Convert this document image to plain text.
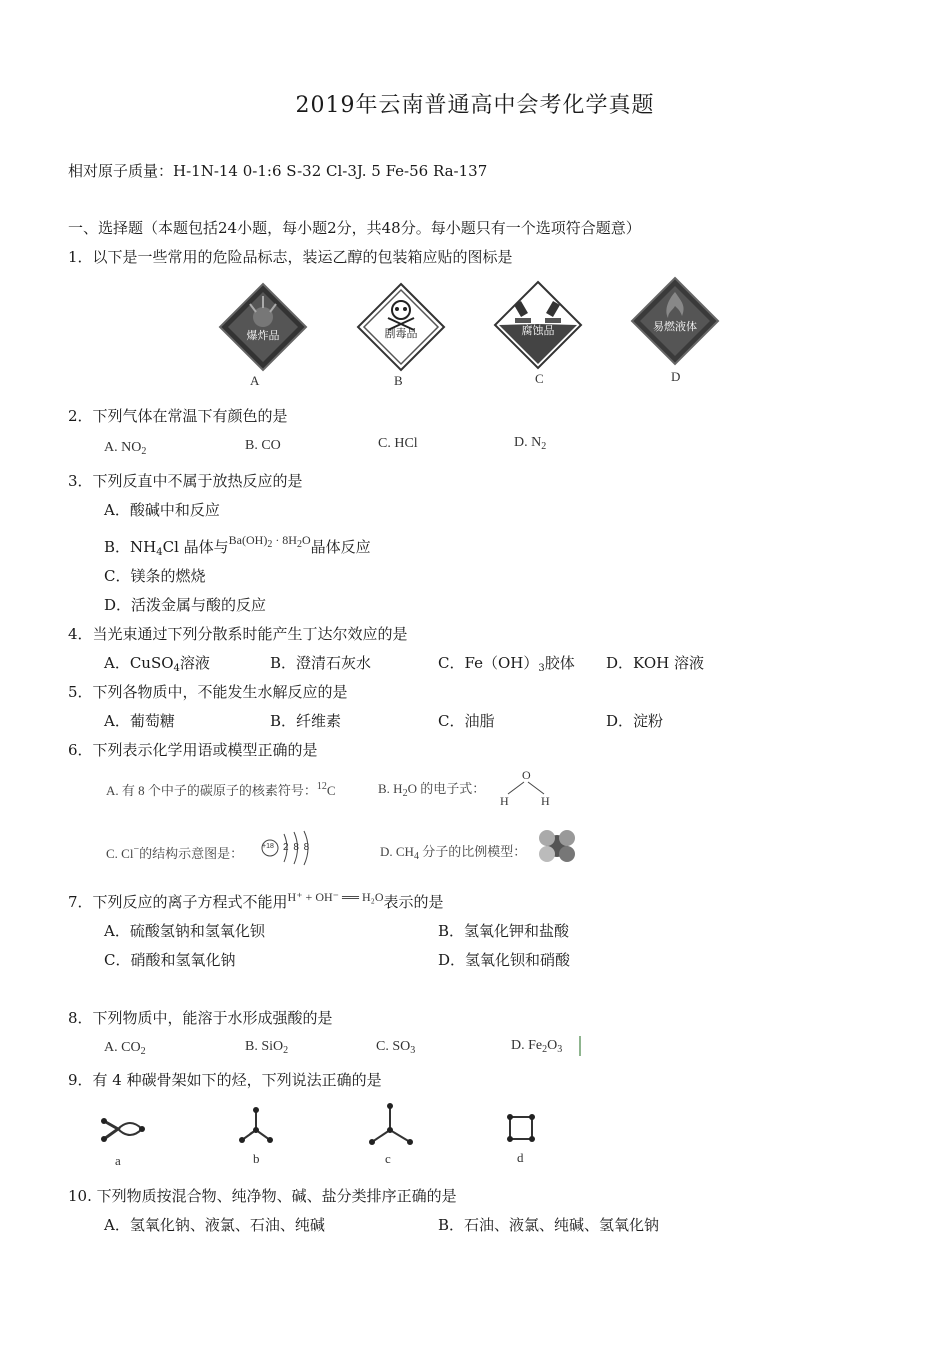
2019年云南普通高中会考化学真题
相对原子质量：H-1N-14 0-1:6 S-32 Cl-3J. 5 Fe-56 Ra-137
一、选择题（本题包括24小题，每小题2分，共48分。每小题只有一个选项符合题意）
1．以下是一些常用的危险品标志，装运乙醇的包装箱应贴的图标是
爆炸品
A
剧毒品
B
腐蚀品
C
易燃液体
D
2．下列气体在常温下有颜色的是
A. $NO_2$	B. CO	C. HCl	D. $N_2$
3．下列反直中不属于放热反应的是
A．酸碱中和反应
B．$NH_4Cl$ 晶体与$^{Ba(OH)_2 \cdot 8H_2O}$晶体反应
C．镁条的燃烧
D．活泼金属与酸的反应
4．当光束通过下列分散系时能产生丁达尔效应的是
A．CuSO$_4$溶液	B．澄清石灰水	C．$Fe(OH)_3$胶体 D．KOH 溶液
5．下列各物质中，不能发生水解反应的是
A．葡萄糖	B．纤维素	C．油脂	D．淀粉
6．下列表示化学用语或模型正确的是
A. 有 8 个中子的碳原子的核素符号：$^{12}$C	B. $H_2O$ 的电子式：
O
H	H
C. Cl−的结构示意图是：	+18 2 8 8	D. $CH_4$ 分子的比例模型：
7．下列反应的离子方程式不能用$^{H^+ + OH^- ══ H_2O}$表示的是
A．硫酸氢钠和氢氧化钡	B．氢氧化钾和盐酸
C．硝酸和氢氧化钠	D．氢氧化钡和硝酸
8．下列物质中，能溶于水形成强酸的是
A. $CO_2$	B. SiO$_2$	C. $SO_3$	D. $Fe_2O_3$
9．有 4 种碳骨架如下的烃，下列说法正确的是
a	b	c	d
10. 下列物质按混合物、纯净物、碱、盐分类排序正确的是
A．氢氧化钠、液氯、石油、纯碱	B．石油、液氯、纯碱、氢氧化钠
